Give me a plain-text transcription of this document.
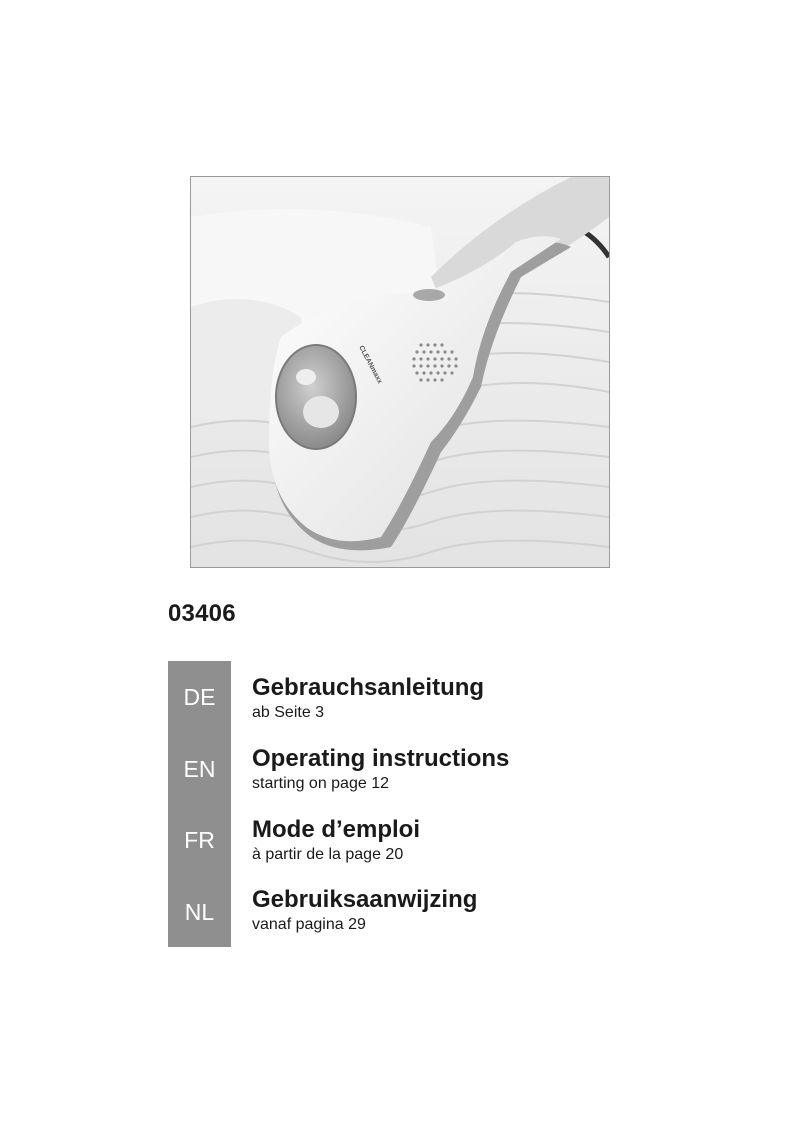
CLEANmaxx
03406
DE	Gebrauchsanleitung
ab Seite 3
EN	Operating instructions
starting on page 12
FR	Mode d’emploi
à partir de la page 20
NL	Gebruiksaanwijzing
vanaf pagina 29
